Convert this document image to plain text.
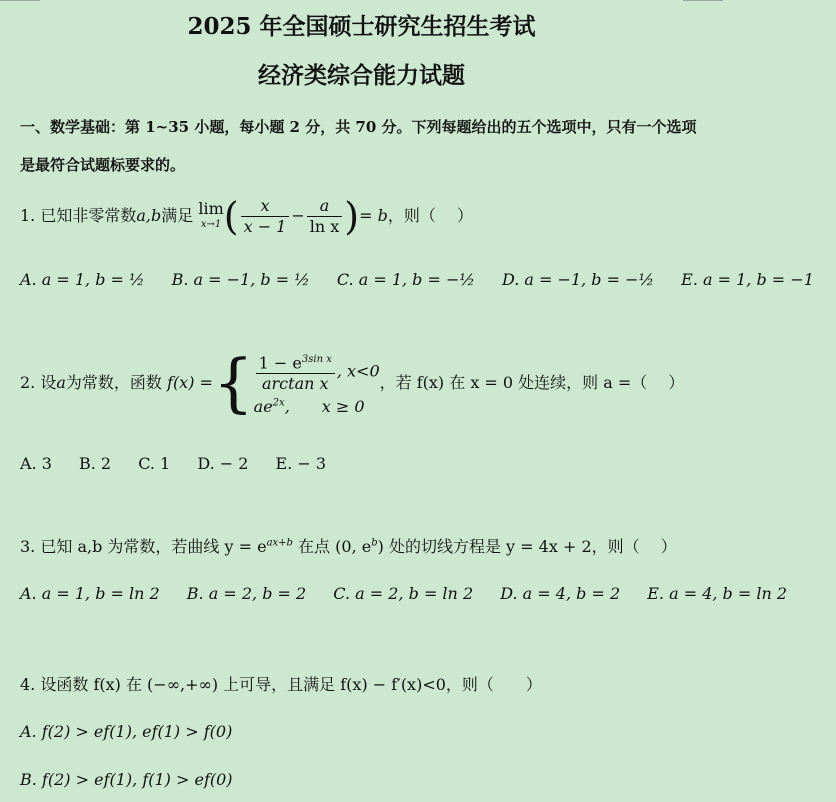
2025 年全国硕士研究生招生考试
经济类综合能力试题
一、数学基础：第 1~35 小题，每小题 2 分，共 70 分。下列每题给出的五个选项中，只有一个选项是最符合试题标要求的。
1. 已知非零常数a,b满足 lim
x→1 ( $\frac{x}{x - 1} - \frac{a}{\text{ln x}}$ )= b，则（　 ）
A. a = 1, b = ½ B. a = −1, b = ½ C. a = 1, b = −½ D. a = −1, b = −½ E. a = 1, b = −1
2. 设a为常数，函数 f(x) ={ $\frac{1 - e^{3sin x}}{\text{arctan x}}$ , x<0
$ae^{2x}$,　　x ≥ 0
，若 f(x) 在 x = 0 处连续，则 a =（　 ）
A. 3 B. 2 C. 1 D. − 2 E. − 3
3. 已知 a,b 为常数，若曲线 $y = e^{ax+b}$ 在点 (0, $e^b$) 处的切线方程是 y = 4x + 2，则（　 ）
A. a = 1, b = ln 2 B. a = 2, b = 2 C. a = 2, b = ln 2 D. a = 4, b = 2 E. a = 4, b = ln 2
4. 设函数 f(x) 在 (−∞,+∞) 上可导，且满足 f(x) − f′(x)<0，则（　　）
A. f(2) > ef(1), ef(1) > f(0)
B. f(2) > ef(1), f(1) > ef(0)
